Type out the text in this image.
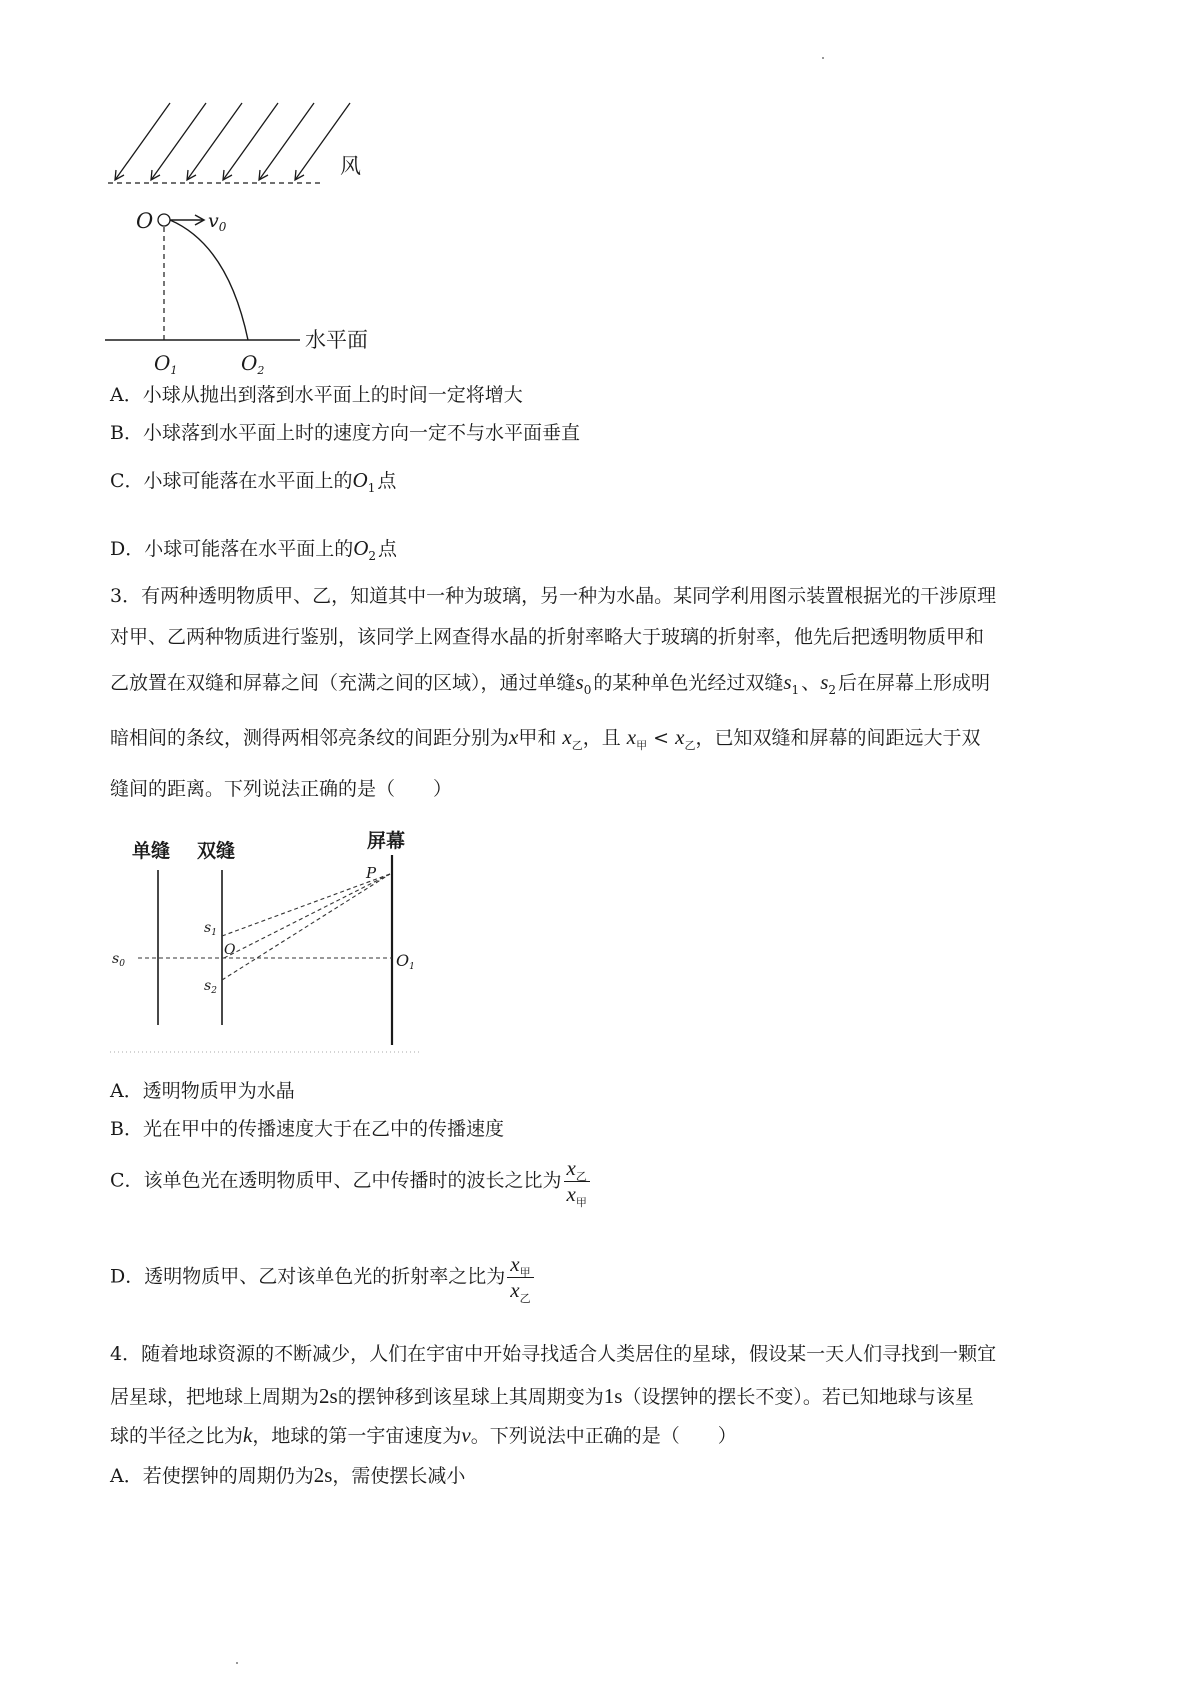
风
O	$v_0$
水平面
$O_1$	$O_2$
A．小球从抛出到落到水平面上的时间一定将增大
B．小球落到水平面上时的速度方向一定不与水平面垂直
C．小球可能落在水平面上的$O_1$ 点
D．小球可能落在水平面上的$O_2$ 点
3．有两种透明物质甲、乙，知道其中一种为玻璃，另一种为水晶。某同学利用图示装置根据光的干涉原理
对甲、乙两种物质进行鉴别，该同学上网查得水晶的折射率略大于玻璃的折射率，他先后把透明物质甲和
乙放置在双缝和屏幕之间（充满之间的区域），通过单缝$s_0$ 的某种单色光经过双缝$s_1$ 、$s_2$ 后在屏幕上形成明
暗相间的条纹，测得两相邻亮条纹的间距分别为x甲和 $x_乙$，且 $x_甲 < x_乙$，已知双缝和屏幕的间距远大于双
缝间的距离。下列说法正确的是（　　）
单缝 双缝	屏幕
P
$s_1$
O
$s_0$	O1
$s_2$
A．透明物质甲为水晶
B．光在甲中的传播速度大于在乙中的传播速度
C．该单色光在透明物质甲、乙中传播时的波长之比为 $\frac{x_乙}{x_甲}$
D．透明物质甲、乙对该单色光的折射率之比为 $\frac{x_甲}{x_乙}$
4．随着地球资源的不断减少，人们在宇宙中开始寻找适合人类居住的星球，假设某一天人们寻找到一颗宜
居星球，把地球上周期为2s的摆钟移到该星球上其周期变为1s（设摆钟的摆长不变）。若已知地球与该星
球的半径之比为k，地球的第一宇宙速度为v。下列说法中正确的是（　　）
A．若使摆钟的周期仍为2s，需使摆长减小
